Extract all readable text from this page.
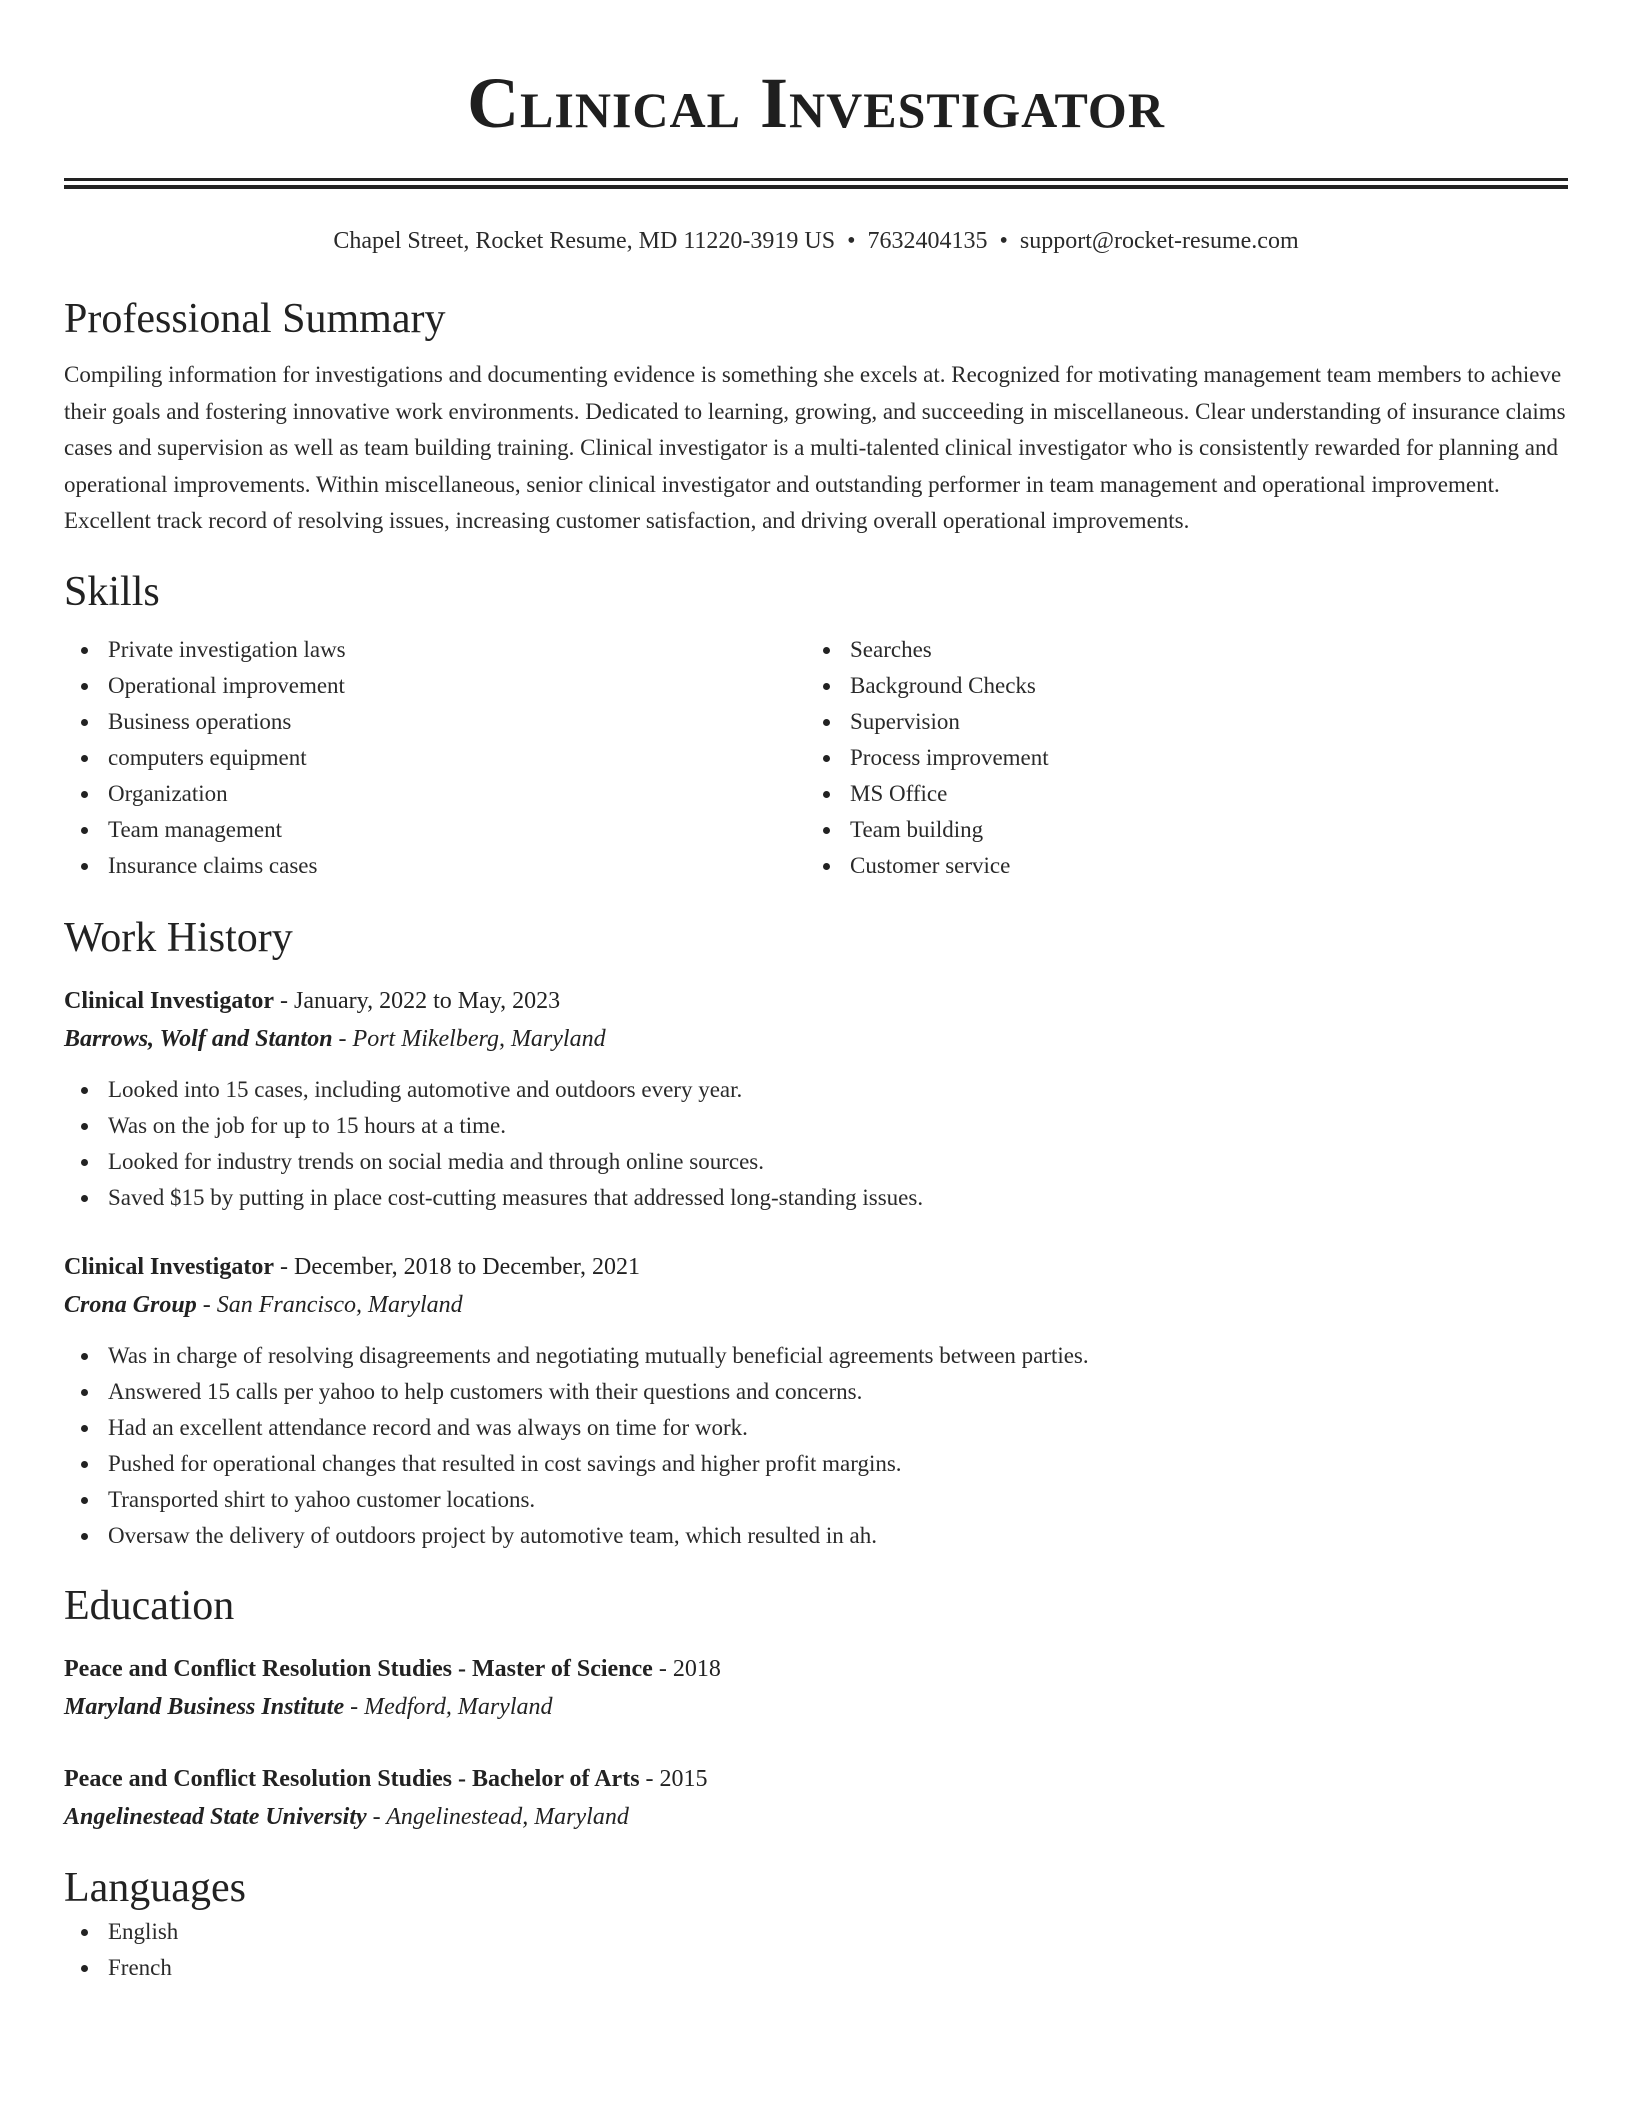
Clinical Investigator
Chapel Street, Rocket Resume, MD 11220-3919 US • 7632404135 • support@rocket-resume.com
Professional Summary
Compiling information for investigations and documenting evidence is something she excels at. Recognized for motivating management team members to achieve their goals and fostering innovative work environments. Dedicated to learning, growing, and succeeding in miscellaneous. Clear understanding of insurance claims cases and supervision as well as team building training. Clinical investigator is a multi-talented clinical investigator who is consistently rewarded for planning and operational improvements. Within miscellaneous, senior clinical investigator and outstanding performer in team management and operational improvement. Excellent track record of resolving issues, increasing customer satisfaction, and driving overall operational improvements.
Skills
Private investigation laws
Operational improvement
Business operations
computers equipment
Organization
Team management
Insurance claims cases
Searches
Background Checks
Supervision
Process improvement
MS Office
Team building
Customer service
Work History
Clinical Investigator - January, 2022 to May, 2023
Barrows, Wolf and Stanton - Port Mikelberg, Maryland
Looked into 15 cases, including automotive and outdoors every year.
Was on the job for up to 15 hours at a time.
Looked for industry trends on social media and through online sources.
Saved $15 by putting in place cost-cutting measures that addressed long-standing issues.
Clinical Investigator - December, 2018 to December, 2021
Crona Group - San Francisco, Maryland
Was in charge of resolving disagreements and negotiating mutually beneficial agreements between parties.
Answered 15 calls per yahoo to help customers with their questions and concerns.
Had an excellent attendance record and was always on time for work.
Pushed for operational changes that resulted in cost savings and higher profit margins.
Transported shirt to yahoo customer locations.
Oversaw the delivery of outdoors project by automotive team, which resulted in ah.
Education
Peace and Conflict Resolution Studies - Master of Science - 2018
Maryland Business Institute - Medford, Maryland
Peace and Conflict Resolution Studies - Bachelor of Arts - 2015
Angelinestead State University - Angelinestead, Maryland
Languages
English
French
